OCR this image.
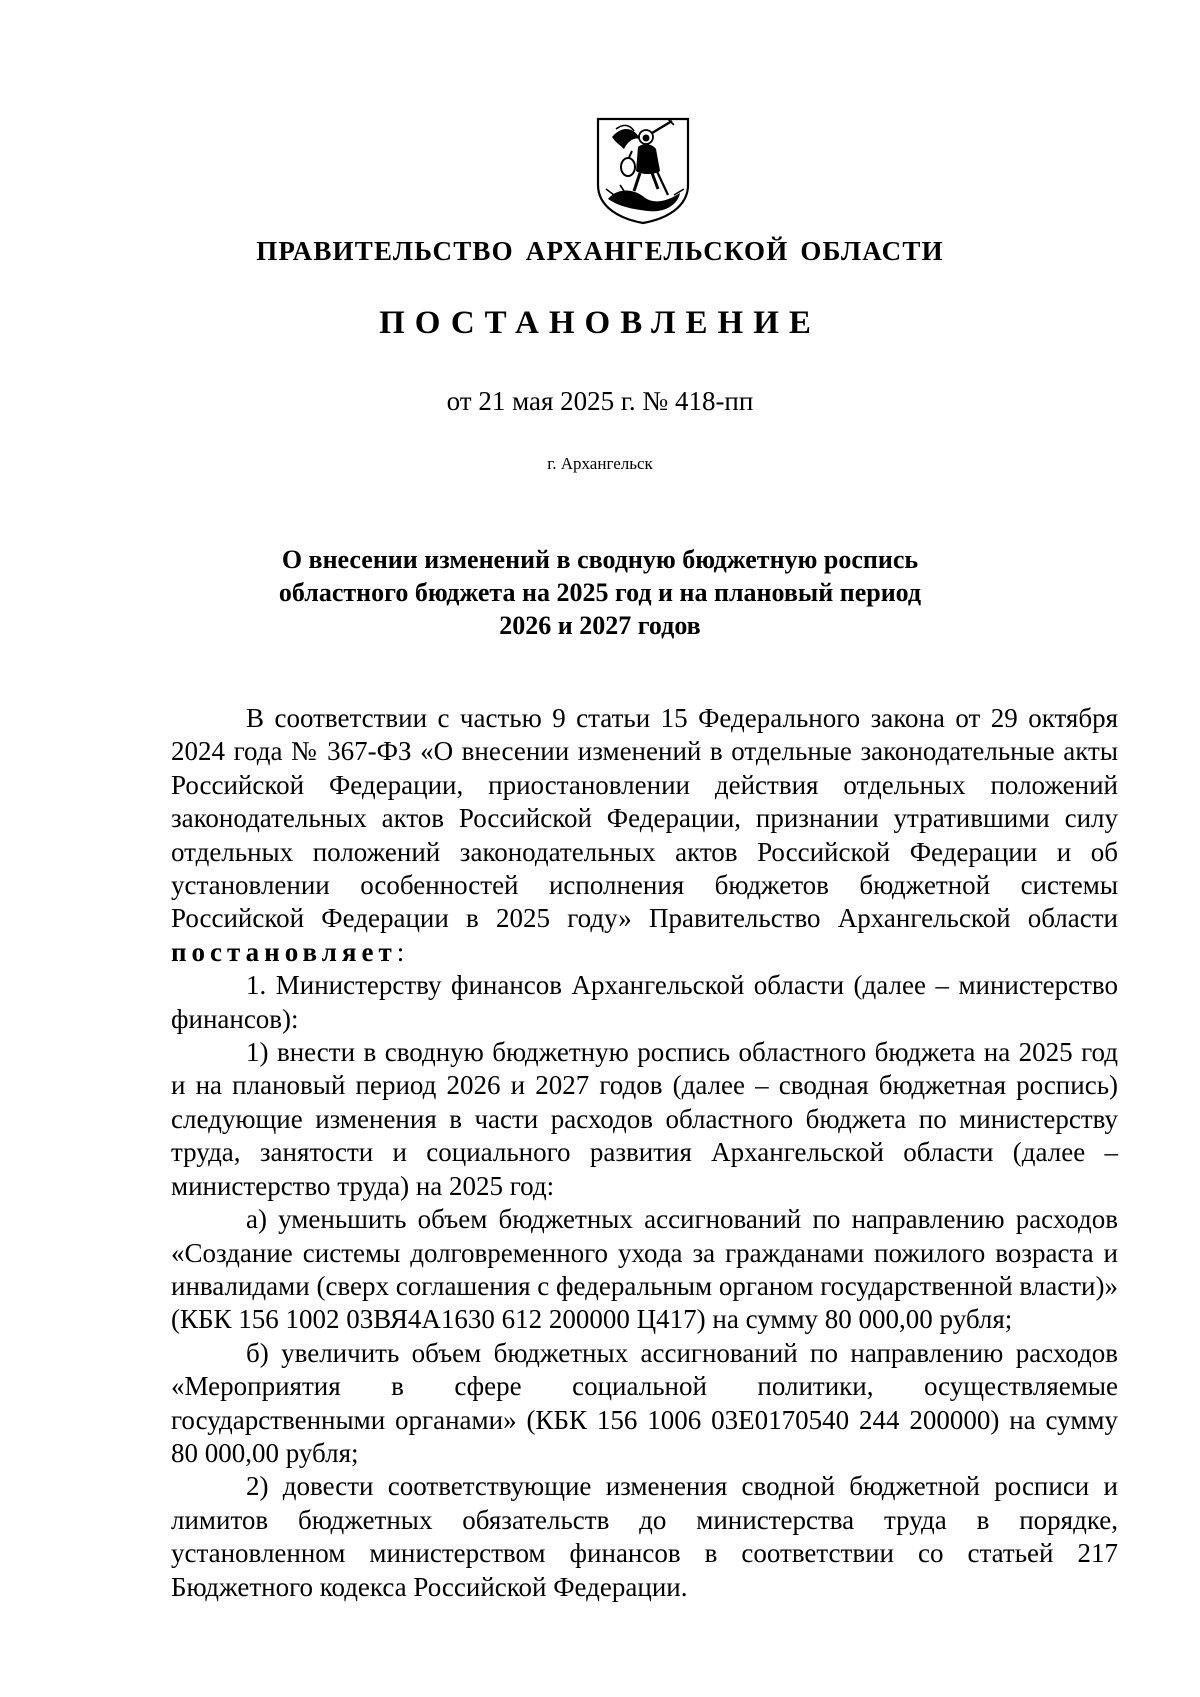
ПРАВИТЕЛЬСТВО АРХАНГЕЛЬСКОЙ ОБЛАСТИ
ПОСТАНОВЛЕНИЕ
от 21 мая 2025 г. № 418-пп
г. Архангельск
О внесении изменений в сводную бюджетную роспись
областного бюджета на 2025 год и на плановый период
2026 и 2027 годов

В соответствии с частью 9 статьи 15 Федерального закона от 29 октября 2024 года № 367-ФЗ «О внесении изменений в отдельные законодательные акты Российской Федерации, приостановлении действия отдельных положений законодательных актов Российской Федерации, признании утратившими силу отдельных положений законодательных актов Российской Федерации и об установлении особенностей исполнения бюджетов бюджетной системы Российской Федерации в 2025 году» Правительство Архангельской области постановляет:

1. Министерству финансов Архангельской области (далее – министерство финансов):

1) внести в сводную бюджетную роспись областного бюджета на 2025 год и на плановый период 2026 и 2027 годов (далее – сводная бюджетная роспись) следующие изменения в части расходов областного бюджета по министерству труда, занятости и социального развития Архангельской области (далее – министерство труда) на 2025 год:

а) уменьшить объем бюджетных ассигнований по направлению расходов «Создание системы долговременного ухода за гражданами пожилого возраста и инвалидами (сверх соглашения с федеральным органом государственной власти)» (КБК 156 1002 03ВЯ4А1630 612 200000 Ц417) на сумму 80 000,00 рубля;

б) увеличить объем бюджетных ассигнований по направлению расходов «Мероприятия в сфере социальной политики, осуществляемые государственными органами» (КБК 156 1006 03Е0170540 244 200000) на сумму 80 000,00 рубля;

2) довести соответствующие изменения сводной бюджетной росписи и лимитов бюджетных обязательств до министерства труда в порядке, установленном министерством финансов в соответствии со статьей 217 Бюджетного кодекса Российской Федерации.
